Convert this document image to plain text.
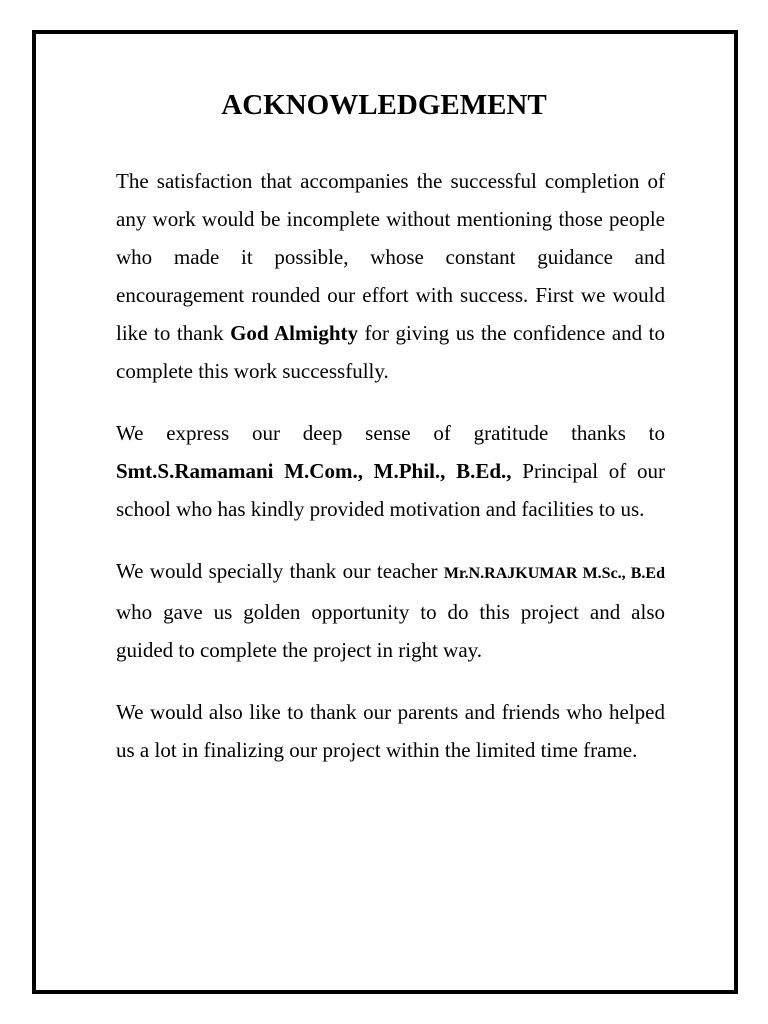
ACKNOWLEDGEMENT

The satisfaction that accompanies the successful completion of any work would be incomplete without mentioning those people who made it possible, whose constant guidance and encouragement rounded our effort with success. First we would like to thank God Almighty for giving us the confidence and to complete this work successfully.

We express our deep sense of gratitude thanks to Smt.S.Ramamani M.Com., M.Phil., B.Ed., Principal of our school who has kindly provided motivation and facilities to us.

We would specially thank our teacher Mr.N.RAJKUMAR M.Sc., B.Ed who gave us golden opportunity to do this project and also guided to complete the project in right way.

We would also like to thank our parents and friends who helped us a lot in finalizing our project within the limited time frame.
